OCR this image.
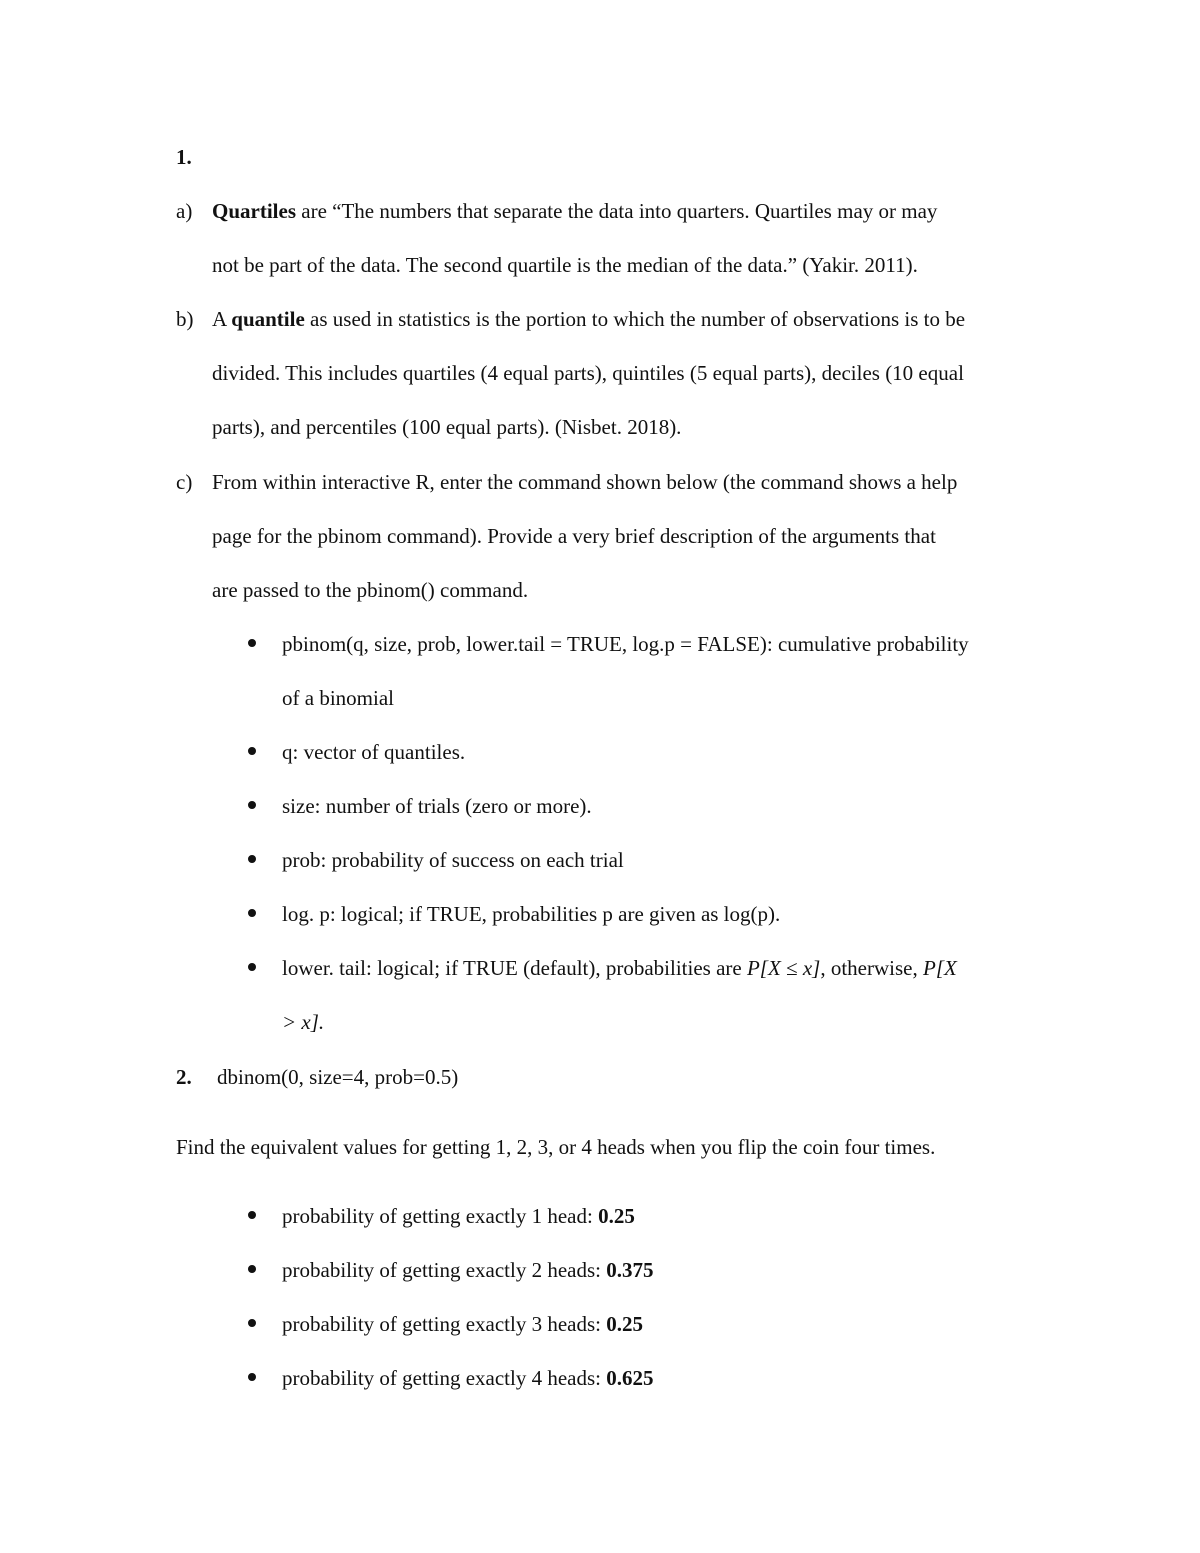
1.
a) Quartiles are “The numbers that separate the data into quarters. Quartiles may or may
not be part of the data. The second quartile is the median of the data.” (Yakir. 2011).
b) A quantile as used in statistics is the portion to which the number of observations is to be
divided. This includes quartiles (4 equal parts), quintiles (5 equal parts), deciles (10 equal
parts), and percentiles (100 equal parts). (Nisbet. 2018).
c) From within interactive R, enter the command shown below (the command shows a help
page for the pbinom command). Provide a very brief description of the arguments that
are passed to the pbinom() command.
pbinom(q, size, prob, lower.tail = TRUE, log.p = FALSE): cumulative probability
of a binomial
q: vector of quantiles.
size: number of trials (zero or more).
prob: probability of success on each trial
log. p: logical; if TRUE, probabilities p are given as log(p).
lower. tail: logical; if TRUE (default), probabilities are P[X ≤ x], otherwise, P[X
> x].
2. dbinom(0, size=4, prob=0.5)
Find the equivalent values for getting 1, 2, 3, or 4 heads when you flip the coin four times.
probability of getting exactly 1 head: 0.25
probability of getting exactly 2 heads: 0.375
probability of getting exactly 3 heads: 0.25
probability of getting exactly 4 heads: 0.625
